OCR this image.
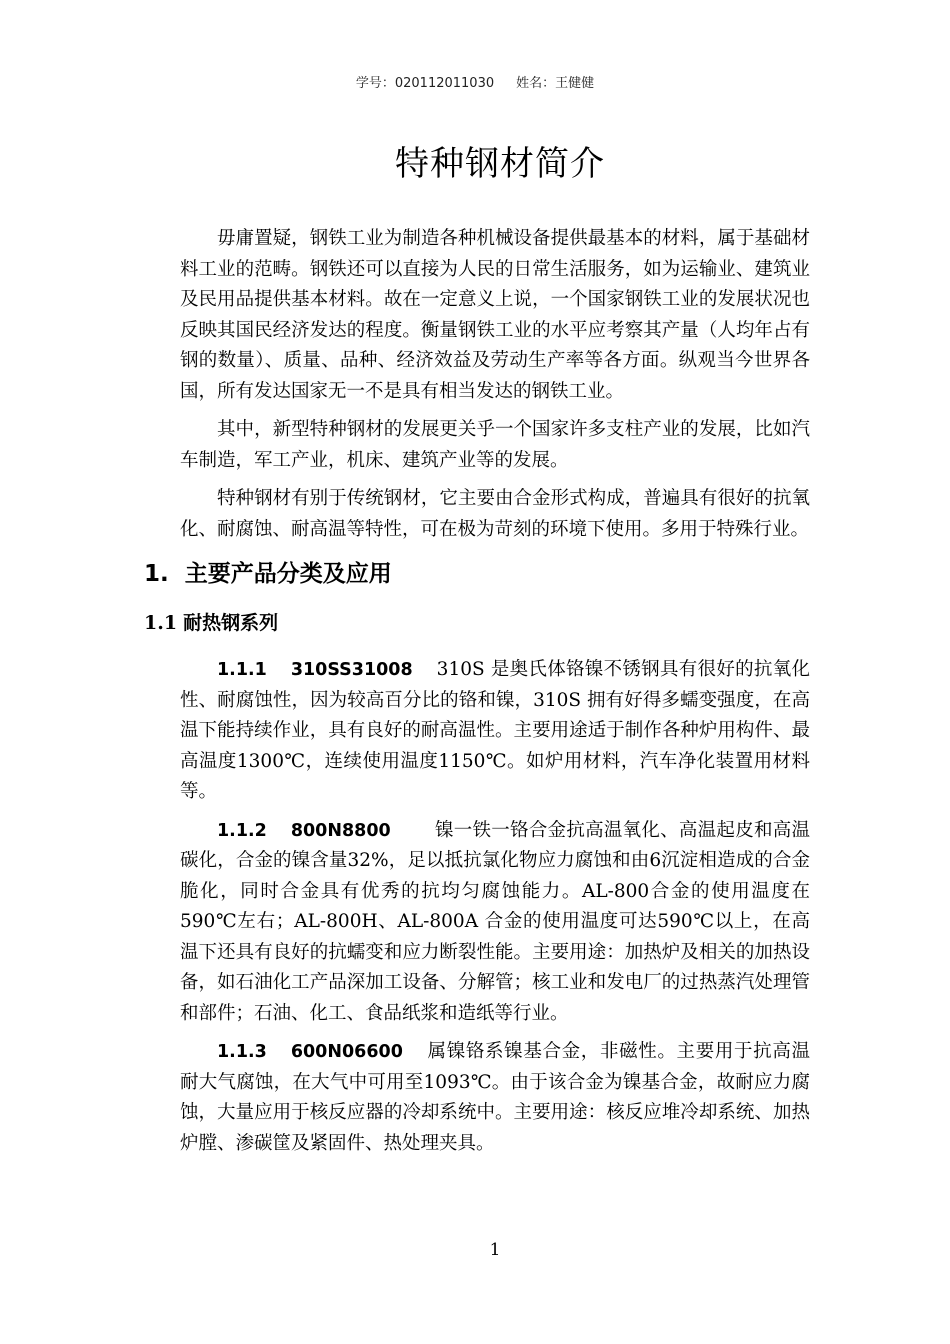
学号：020112011030 姓名：王健健
特种钢材简介

毋庸置疑，钢铁工业为制造各种机械设备提供最基本的材料，属于基础材料工业的范畴。钢铁还可以直接为人民的日常生活服务，如为运输业、建筑业及民用品提供基本材料。故在一定意义上说，一个国家钢铁工业的发展状况也反映其国民经济发达的程度。衡量钢铁工业的水平应考察其产量（人均年占有钢的数量）、质量、品种、经济效益及劳动生产率等各方面。纵观当今世界各国，所有发达国家无一不是具有相当发达的钢铁工业。

其中，新型特种钢材的发展更关乎一个国家许多支柱产业的发展，比如汽车制造，军工产业，机床、建筑产业等的发展。

特种钢材有别于传统钢材，它主要由合金形式构成，普遍具有很好的抗氧化、耐腐蚀、耐高温等特性，可在极为苛刻的环境下使用。多用于特殊行业。

1. 主要产品分类及应用
1.1 耐热钢系列

1.1.1 310SS31008 310S 是奥氏体铬镍不锈钢具有很好的抗氧化性、耐腐蚀性，因为较高百分比的铬和镍，310S 拥有好得多蠕变强度，在高温下能持续作业，具有良好的耐高温性。主要用途适于制作各种炉用构件、最高温度1300℃，连续使用温度1150℃。如炉用材料，汽车净化装置用材料等。

1.1.2 800N8800 镍一铁一铬合金抗高温氧化、高温起皮和高温碳化，合金的镍含量32%，足以抵抗氯化物应力腐蚀和由6沉淀相造成的合金脆化，同时合金具有优秀的抗均匀腐蚀能力。AL-800合金的使用温度在590℃左右；AL-800H、AL-800A 合金的使用温度可达590℃以上，在高温下还具有良好的抗蠕变和应力断裂性能。主要用途：加热炉及相关的加热设备，如石油化工产品深加工设备、分解管；核工业和发电厂的过热蒸汽处理管和部件；石油、化工、食品纸浆和造纸等行业。

1.1.3 600N06600 属镍铬系镍基合金，非磁性。主要用于抗高温耐大气腐蚀，在大气中可用至1093℃。由于该合金为镍基合金，故耐应力腐蚀，大量应用于核反应器的冷却系统中。主要用途：核反应堆冷却系统、加热炉膛、渗碳筐及紧固件、热处理夹具。

1
